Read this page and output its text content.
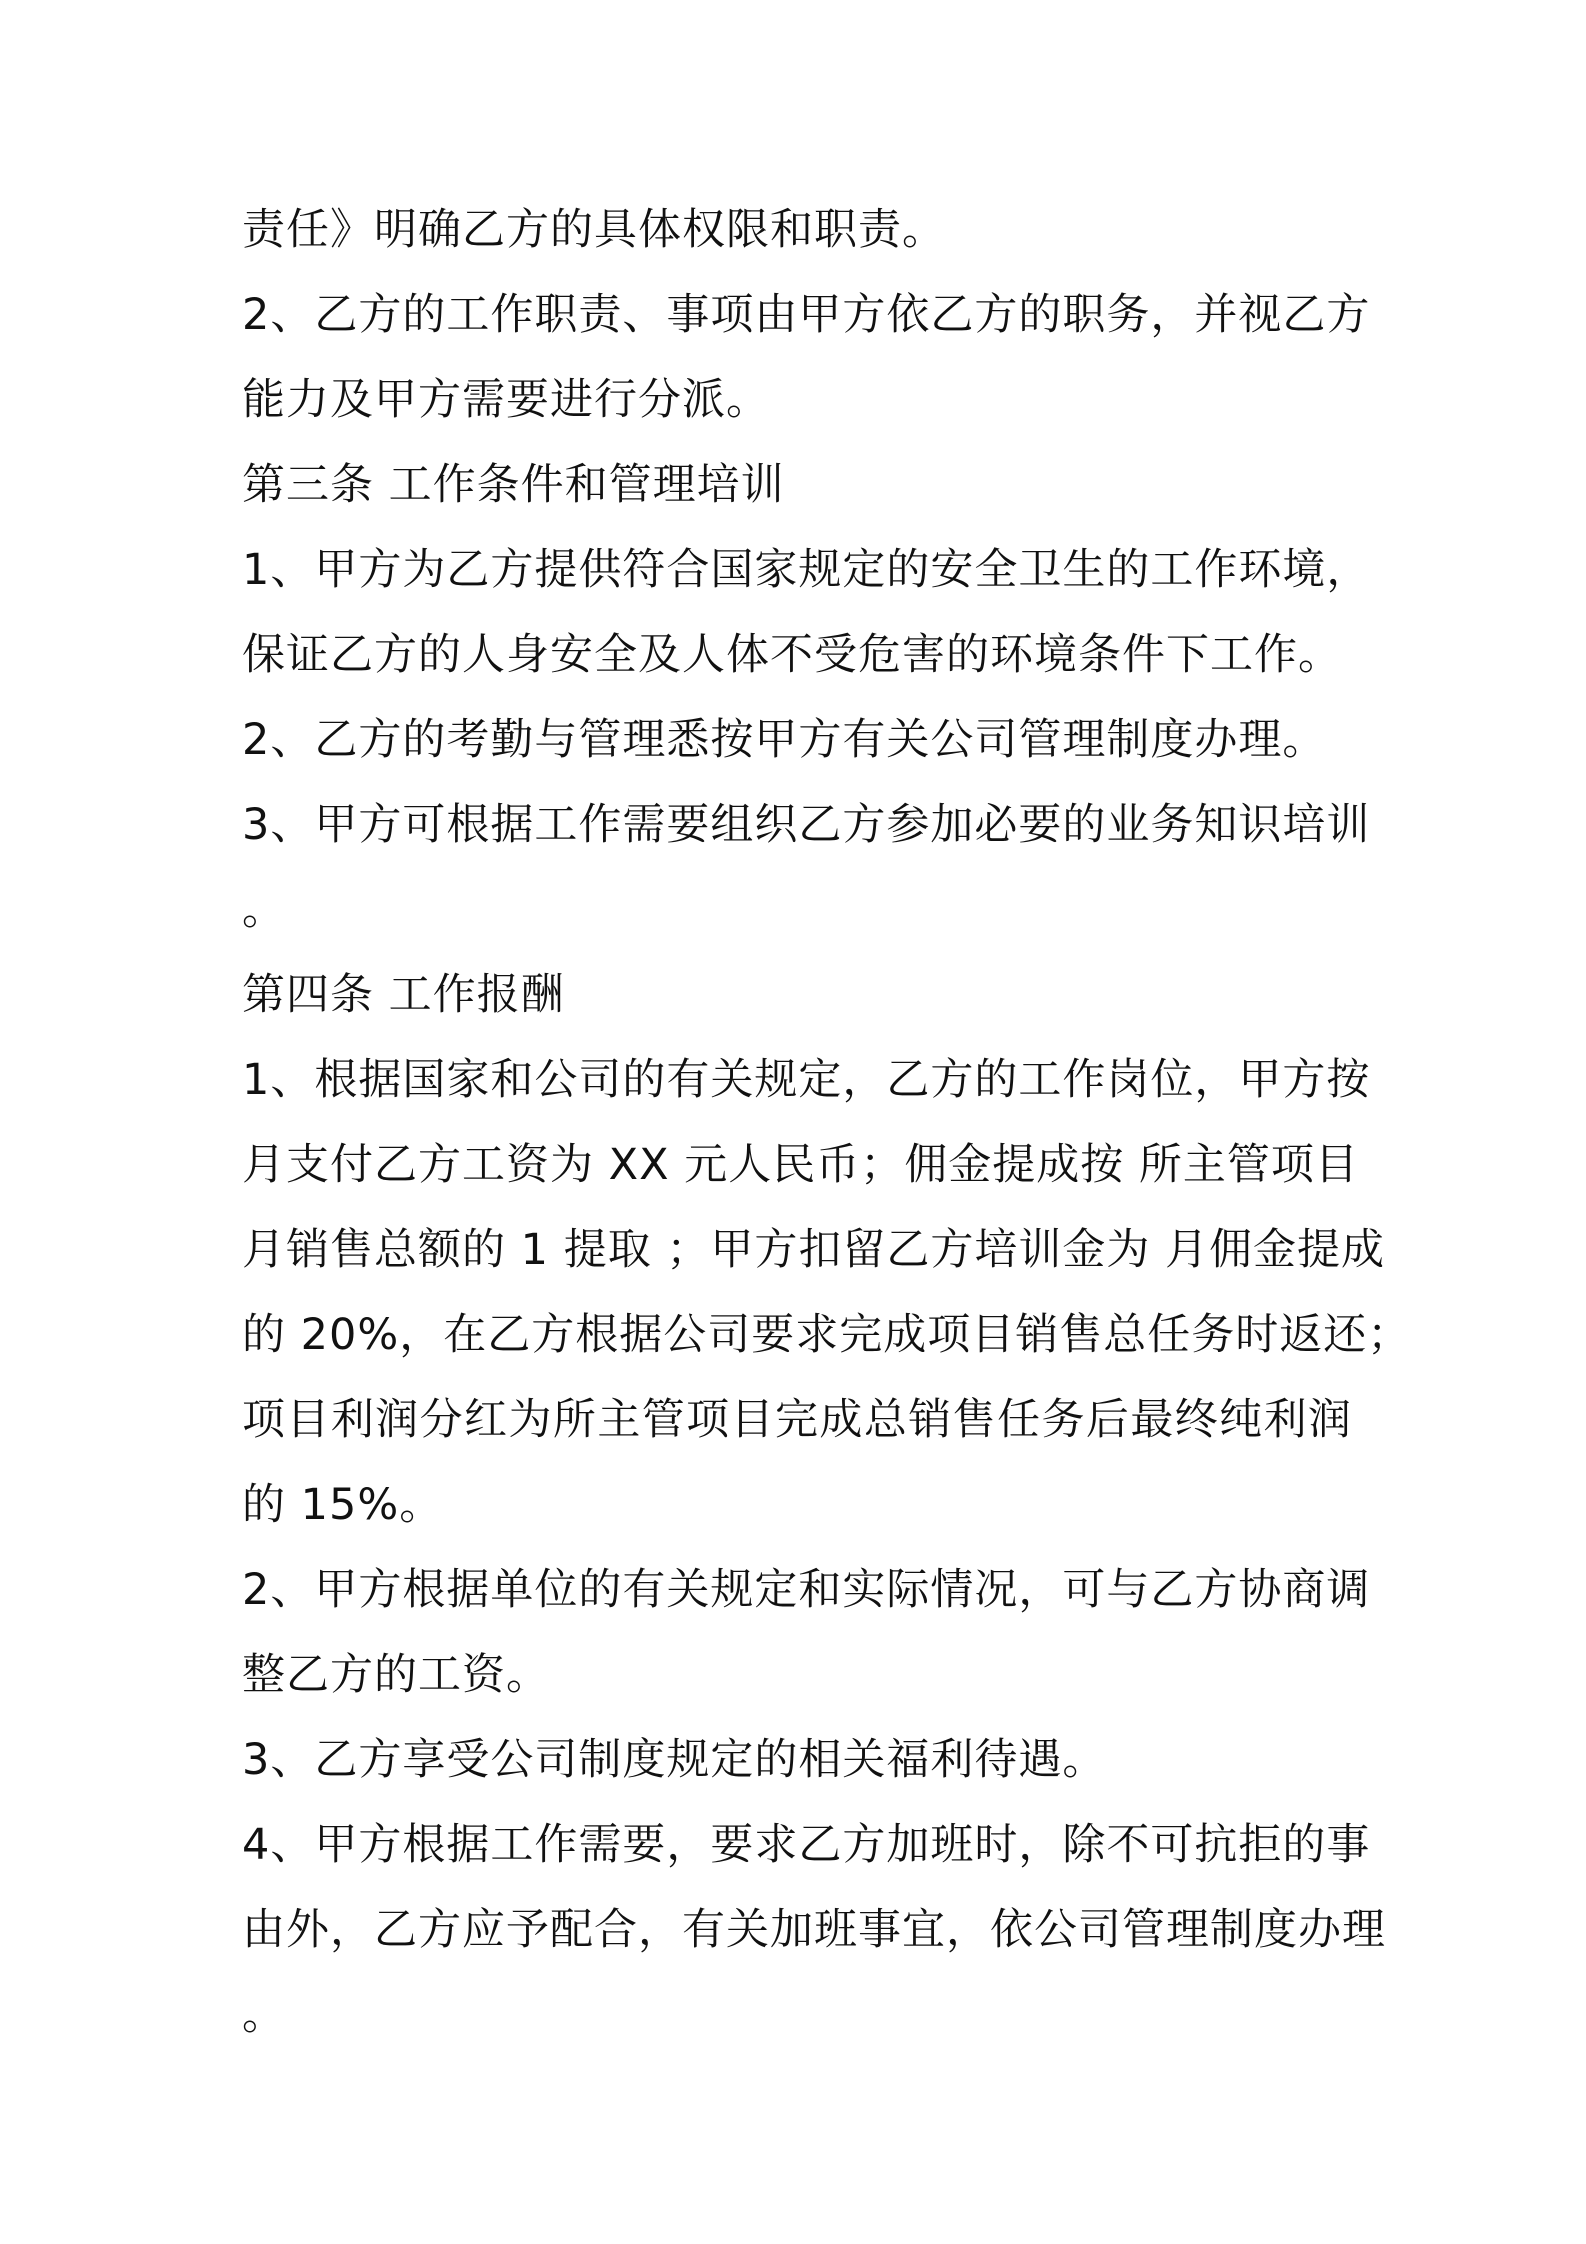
责任》明确乙方的具体权限和职责。
2、乙方的工作职责、事项由甲方依乙方的职务，并视乙方
能力及甲方需要进行分派。
第三条 工作条件和管理培训
1、甲方为乙方提供符合国家规定的安全卫生的工作环境，
保证乙方的人身安全及人体不受危害的环境条件下工作。
2、乙方的考勤与管理悉按甲方有关公司管理制度办理。
3、甲方可根据工作需要组织乙方参加必要的业务知识培训
。
第四条 工作报酬
1、根据国家和公司的有关规定，乙方的工作岗位，甲方按
月支付乙方工资为 XX 元人民币；佣金提成按 所主管项目
月销售总额的 1 提取 ；甲方扣留乙方培训金为 月佣金提成
的 20%，在乙方根据公司要求完成项目销售总任务时返还；
项目利润分红为所主管项目完成总销售任务后最终纯利润
的 15%。
2、甲方根据单位的有关规定和实际情况，可与乙方协商调
整乙方的工资。
3、乙方享受公司制度规定的相关福利待遇。
4、甲方根据工作需要，要求乙方加班时，除不可抗拒的事
由外，乙方应予配合，有关加班事宜，依公司管理制度办理
。
